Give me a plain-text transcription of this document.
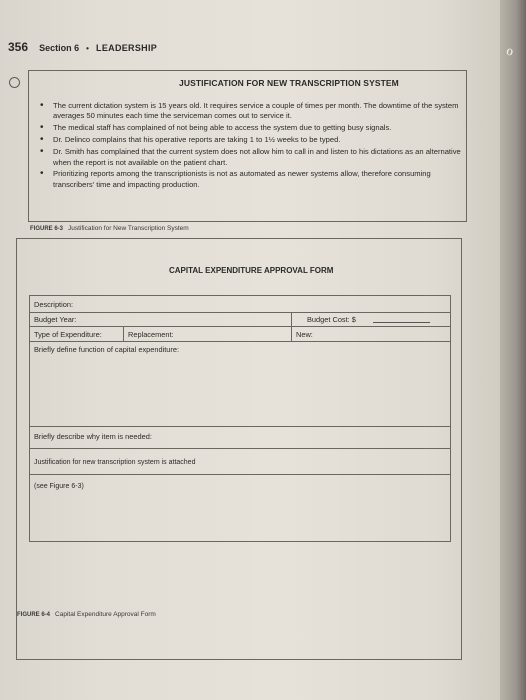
356 Section 6 • LEADERSHIP
JUSTIFICATION FOR NEW TRANSCRIPTION SYSTEM
• The current dictation system is 15 years old. It requires service a couple of times per month. The downtime of the system averages 50 minutes each time the serviceman comes out to service it.
• The medical staff has complained of not being able to access the system due to getting busy signals.
• Dr. Delinco complains that his operative reports are taking 1 to 1½ weeks to be typed.
• Dr. Smith has complained that the current system does not allow him to call in and listen to his dictations as an alternative when the report is not available on the patient chart.
• Prioritizing reports among the transcriptionists is not as automated as newer systems allow, therefore consuming transcribers' time and impacting production.
FIGURE 6-3 Justification for New Transcription System
CAPITAL EXPENDITURE APPROVAL FORM
Description:
Budget Year:	Budget Cost: $
Type of Expenditure:	Replacement:	New:
Briefly define function of capital expenditure:
Briefly describe why item is needed:
Justification for new transcription system is attached
(see Figure 6-3)
FIGURE 6-4 Capital Expenditure Approval Form
ℴ
